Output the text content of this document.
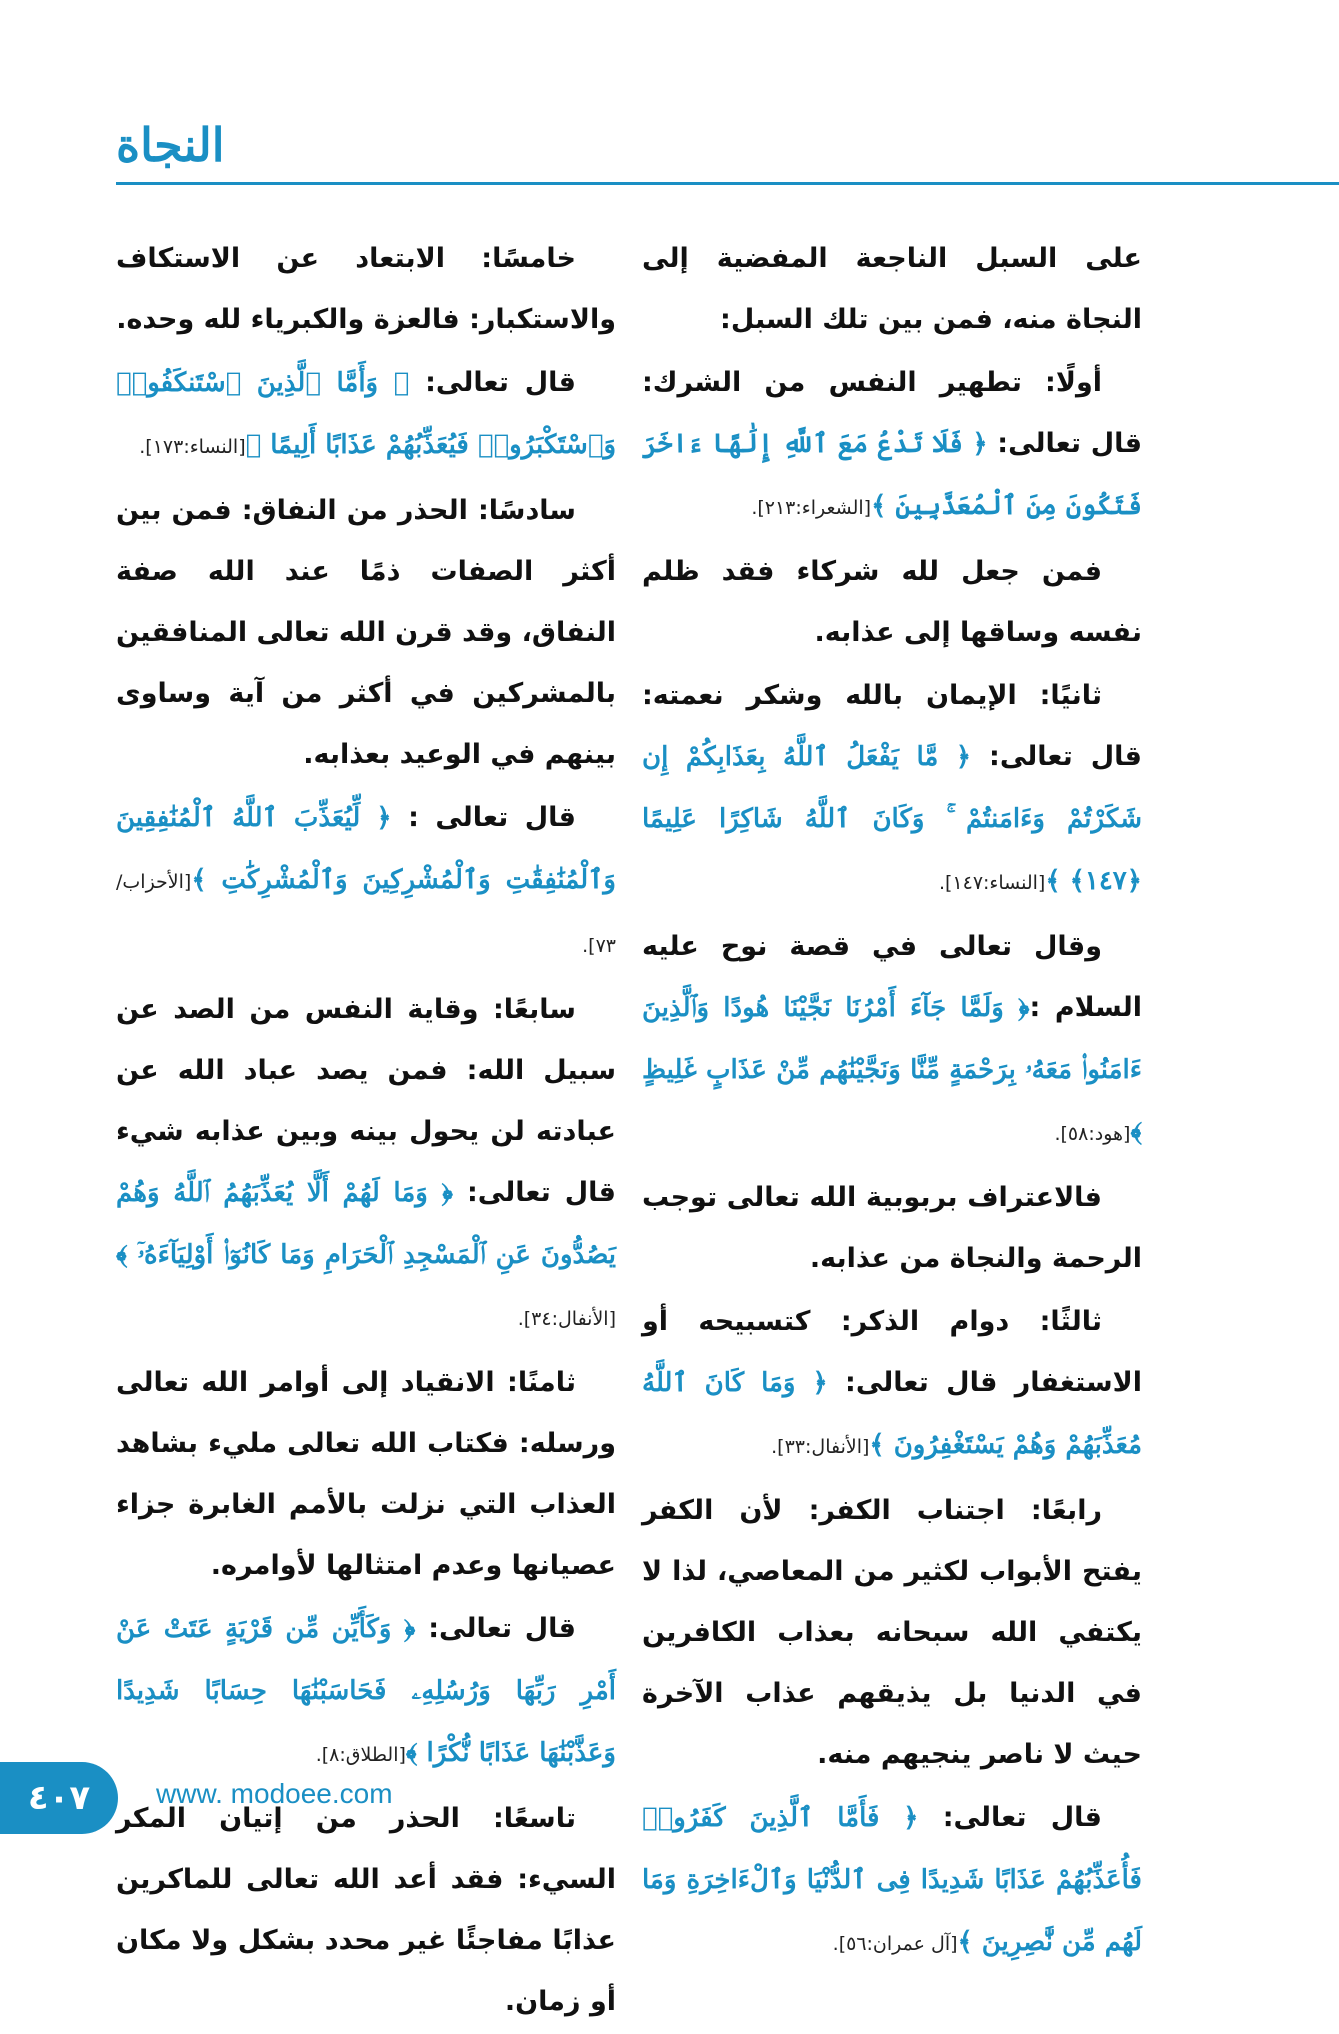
النجاة

على السبل الناجعة المفضية إلى النجاة منه، فمن بين تلك السبل:

أولًا: تطهير النفس من الشرك: قال تعالى: ﴿ فَلَا تَدْعُ مَعَ ٱللَّهِ إِلَٰهًا ءَاخَرَ فَتَكُونَ مِنَ ٱلْمُعَذَّبِينَ ﴾[الشعراء:٢١٣].

فمن جعل لله شركاء فقد ظلم نفسه وساقها إلى عذابه.

ثانيًا: الإيمان بالله وشكر نعمته: قال تعالى: ﴿ مَّا يَفْعَلُ ٱللَّهُ بِعَذَابِكُمْ إِن شَكَرْتُمْ وَءَامَنتُمْ ۚ وَكَانَ ٱللَّهُ شَاكِرًا عَلِيمًا ﴿١٤٧﴾ ﴾[النساء:١٤٧].

وقال تعالى في قصة نوح عليه السلام :﴿ وَلَمَّا جَآءَ أَمْرُنَا نَجَّيْنَا هُودًا وَٱلَّذِينَ ءَامَنُوا۟ مَعَهُۥ بِرَحْمَةٍ مِّنَّا وَنَجَّيْنَٰهُم مِّنْ عَذَابٍ غَلِيظٍ ﴾[هود:٥٨].

فالاعتراف بربوبية الله تعالى توجب الرحمة والنجاة من عذابه.

ثالثًا: دوام الذكر: كتسبيحه أو الاستغفار قال تعالى: ﴿ وَمَا كَانَ ٱللَّهُ مُعَذِّبَهُمْ وَهُمْ يَسْتَغْفِرُونَ ﴾[الأنفال:٣٣].

رابعًا: اجتناب الكفر: لأن الكفر يفتح الأبواب لكثير من المعاصي، لذا لا يكتفي الله سبحانه بعذاب الكافرين في الدنيا بل يذيقهم عذاب الآخرة حيث لا ناصر ينجيهم منه.

قال تعالى: ﴿ فَأَمَّا ٱلَّذِينَ كَفَرُوا۟ فَأُعَذِّبُهُمْ عَذَابًا شَدِيدًا فِى ٱلدُّنْيَا وَٱلْءَاخِرَةِ وَمَا لَهُم مِّن نَّٰصِرِينَ ﴾[آل عمران:٥٦].

خامسًا: الابتعاد عن الاستكاف والاستكبار: فالعزة والكبرياء لله وحده.

قال تعالى: ﴿ وَأَمَّا ٱلَّذِينَ ٱسْتَنكَفُوا۟ وَٱسْتَكْبَرُوا۟ فَيُعَذِّبُهُمْ عَذَابًا أَلِيمًا ﴾[النساء:١٧٣].

سادسًا: الحذر من النفاق: فمن بين أكثر الصفات ذمًا عند الله صفة النفاق، وقد قرن الله تعالى المنافقين بالمشركين في أكثر من آية وساوى بينهم في الوعيد بعذابه.

قال تعالى : ﴿ لِّيُعَذِّبَ ٱللَّهُ ٱلْمُنَٰفِقِينَ وَٱلْمُنَٰفِقَٰتِ وَٱلْمُشْرِكِينَ وَٱلْمُشْرِكَٰتِ ﴾[الأحزاب/ ٧٣].

سابعًا: وقاية النفس من الصد عن سبيل الله: فمن يصد عباد الله عن عبادته لن يحول بينه وبين عذابه شيء قال تعالى: ﴿ وَمَا لَهُمْ أَلَّا يُعَذِّبَهُمُ ٱللَّهُ وَهُمْ يَصُدُّونَ عَنِ ٱلْمَسْجِدِ ٱلْحَرَامِ وَمَا كَانُوٓا۟ أَوْلِيَآءَهُۥٓ ﴾[الأنفال:٣٤].

ثامنًا: الانقياد إلى أوامر الله تعالى ورسله: فكتاب الله تعالى مليء بشاهد العذاب التي نزلت بالأمم الغابرة جزاء عصيانها وعدم امتثالها لأوامره.

قال تعالى: ﴿ وَكَأَيِّن مِّن قَرْيَةٍ عَتَتْ عَنْ أَمْرِ رَبِّهَا وَرُسُلِهِۦ فَحَاسَبْنَٰهَا حِسَابًا شَدِيدًا وَعَذَّبْنَٰهَا عَذَابًا نُّكْرًا ﴾[الطلاق:٨].

تاسعًا: الحذر من إتيان المكر السيء: فقد أعد الله تعالى للماكرين عذابًا مفاجئًا غير محدد بشكل ولا مكان أو زمان.

٤٠٧	www. modoee.com
